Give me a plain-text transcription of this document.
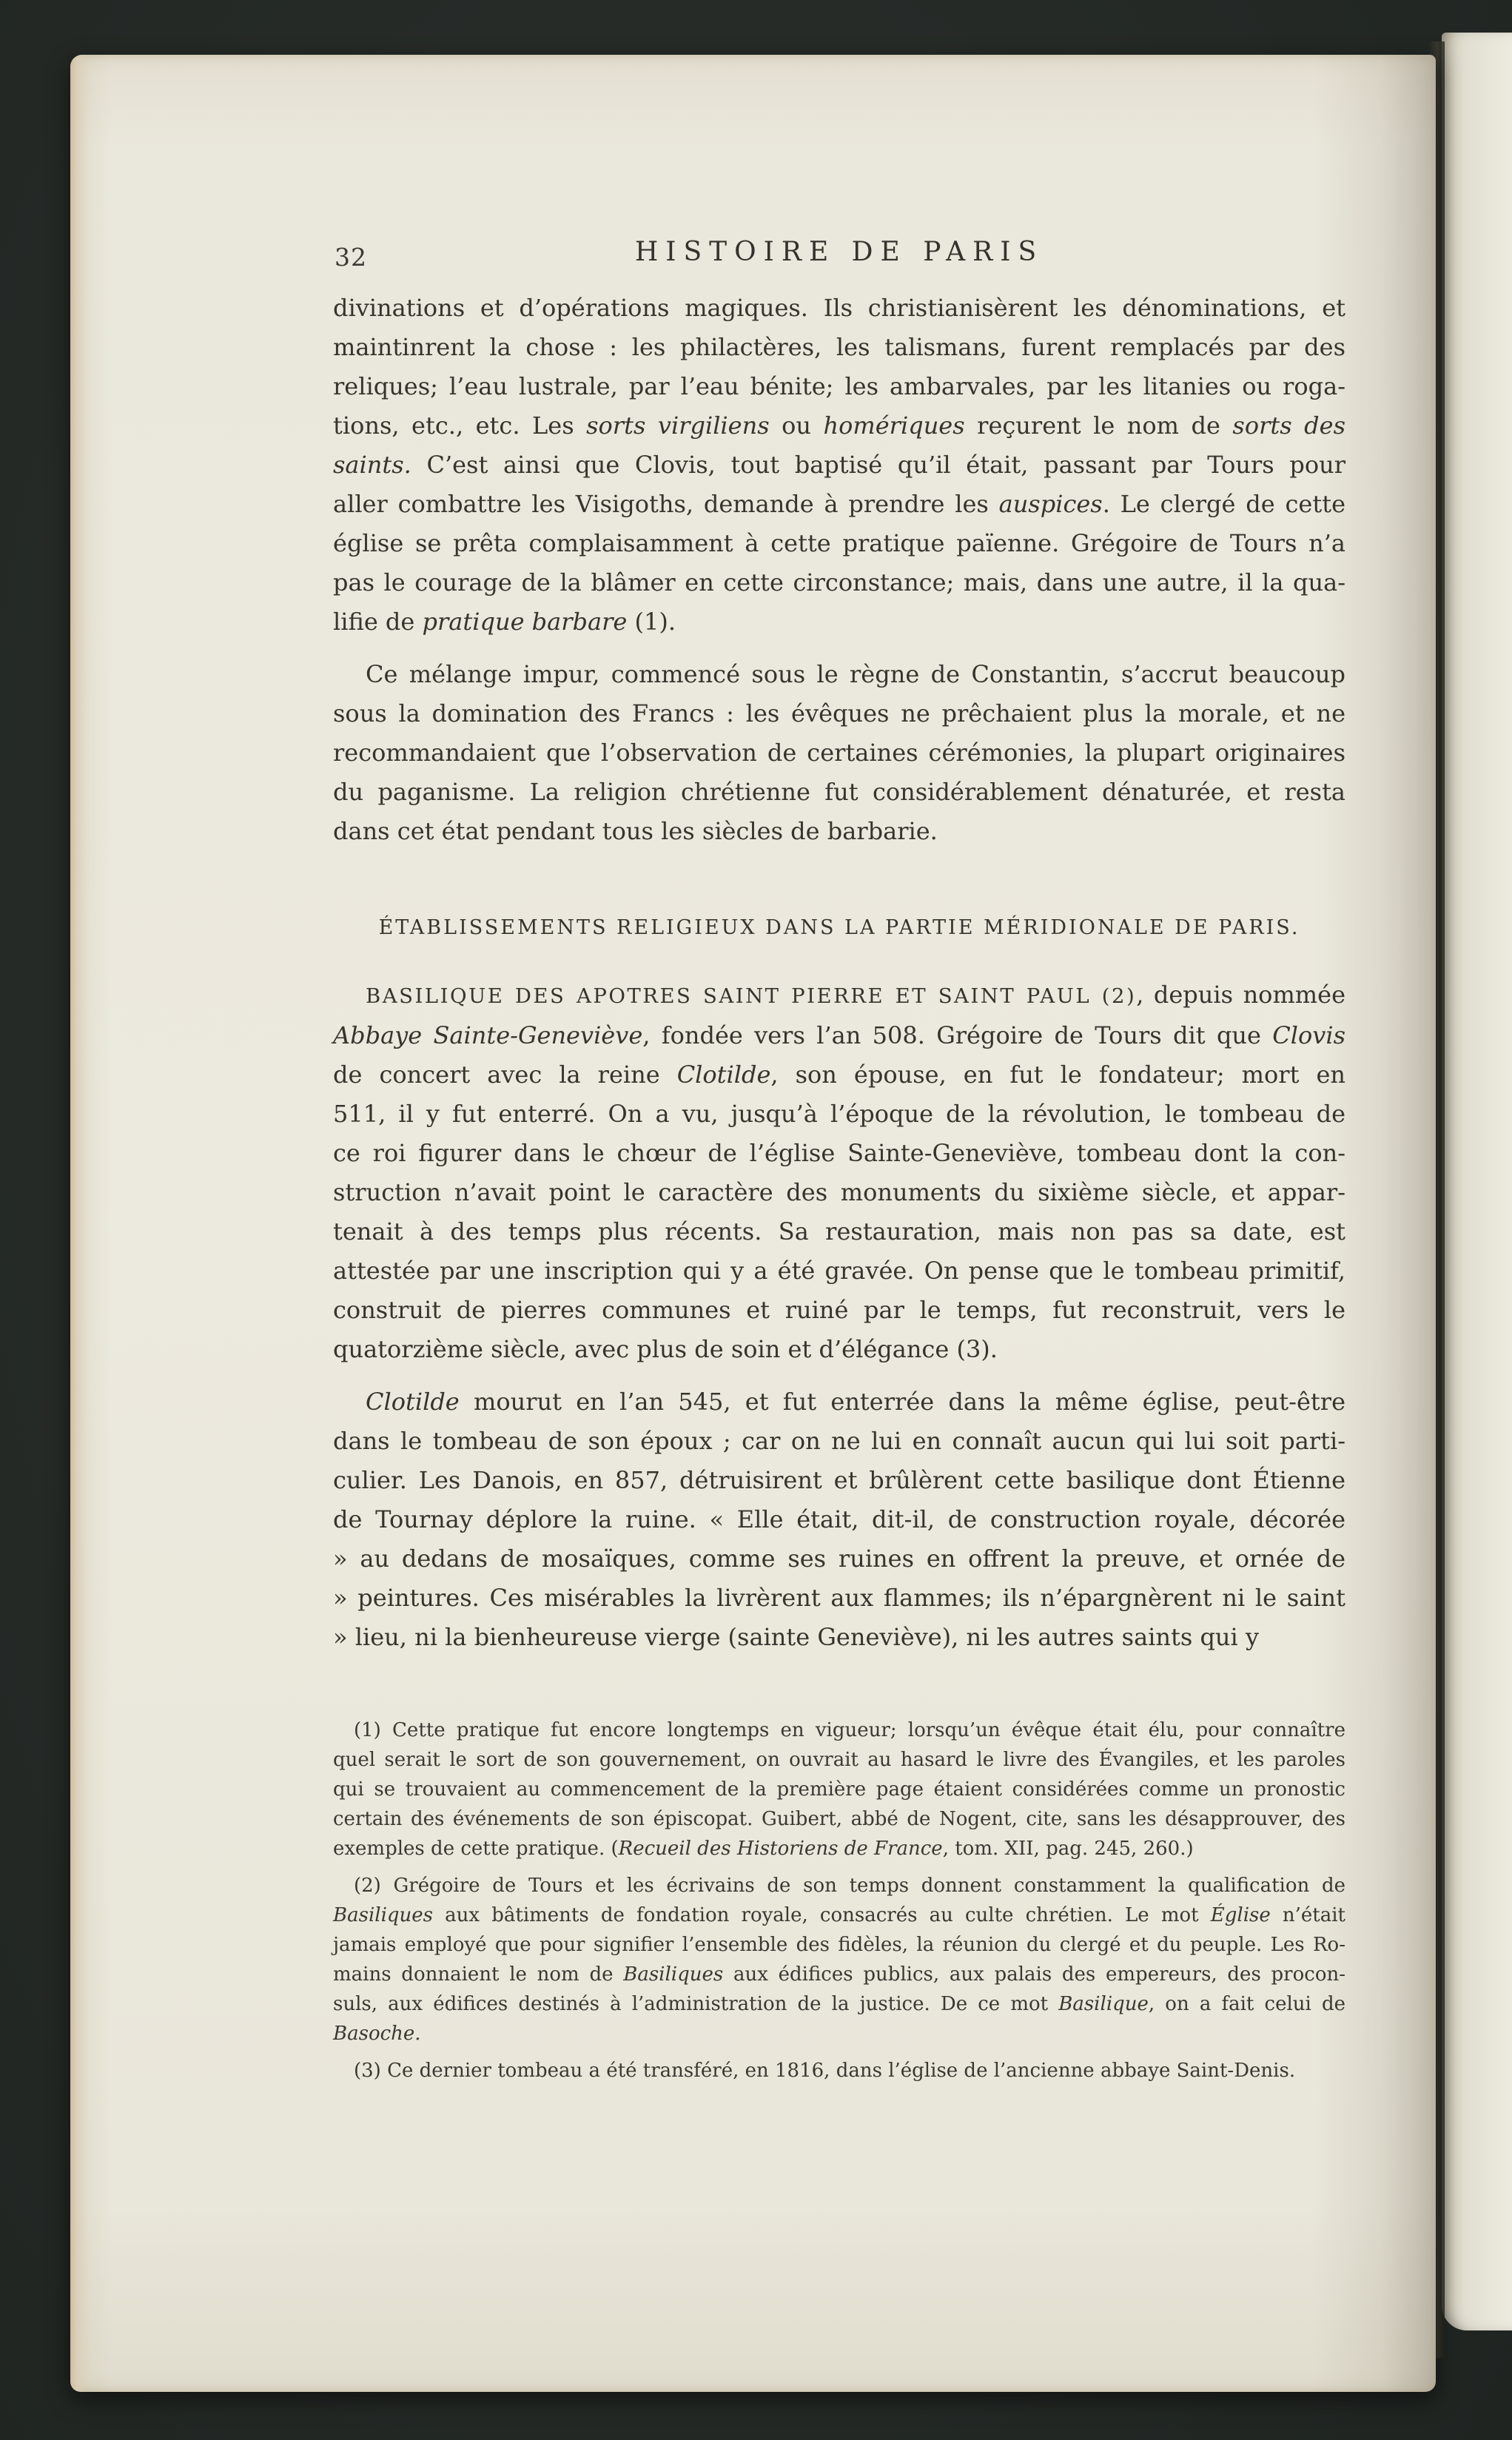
32	HISTOIRE DE PARIS
divinations et d’opérations magiques. Ils christianisèrent les dénominations, et
maintinrent la chose : les philactères, les talismans, furent remplacés par des
reliques; l’eau lustrale, par l’eau bénite; les ambarvales, par les litanies ou roga-
tions, etc., etc. Les sorts virgiliens ou homériques reçurent le nom de sorts des
saints. C’est ainsi que Clovis, tout baptisé qu’il était, passant par Tours pour
aller combattre les Visigoths, demande à prendre les auspices. Le clergé de cette
église se prêta complaisamment à cette pratique païenne. Grégoire de Tours n’a
pas le courage de la blâmer en cette circonstance; mais, dans une autre, il la qua-
lifie de pratique barbare (1).
Ce mélange impur, commencé sous le règne de Constantin, s’accrut beaucoup
sous la domination des Francs : les évêques ne prêchaient plus la morale, et ne
recommandaient que l’observation de certaines cérémonies, la plupart originaires
du paganisme. La religion chrétienne fut considérablement dénaturée, et resta
dans cet état pendant tous les siècles de barbarie.
ÉTABLISSEMENTS RELIGIEUX DANS LA PARTIE MÉRIDIONALE DE PARIS.
BASILIQUE DES APOTRES SAINT PIERRE ET SAINT PAUL (2), depuis nommée
Abbaye Sainte-Geneviève, fondée vers l’an 508. Grégoire de Tours dit que Clovis
de concert avec la reine Clotilde, son épouse, en fut le fondateur; mort en
511, il y fut enterré. On a vu, jusqu’à l’époque de la révolution, le tombeau de
ce roi figurer dans le chœur de l’église Sainte-Geneviève, tombeau dont la con-
struction n’avait point le caractère des monuments du sixième siècle, et appar-
tenait à des temps plus récents. Sa restauration, mais non pas sa date, est
attestée par une inscription qui y a été gravée. On pense que le tombeau primitif,
construit de pierres communes et ruiné par le temps, fut reconstruit, vers le
quatorzième siècle, avec plus de soin et d’élégance (3).
Clotilde mourut en l’an 545, et fut enterrée dans la même église, peut-être
dans le tombeau de son époux ; car on ne lui en connaît aucun qui lui soit parti-
culier. Les Danois, en 857, détruisirent et brûlèrent cette basilique dont Étienne
de Tournay déplore la ruine. « Elle était, dit-il, de construction royale, décorée
» au dedans de mosaïques, comme ses ruines en offrent la preuve, et ornée de
» peintures. Ces misérables la livrèrent aux flammes; ils n’épargnèrent ni le saint
» lieu, ni la bienheureuse vierge (sainte Geneviève), ni les autres saints qui y
(1) Cette pratique fut encore longtemps en vigueur; lorsqu’un évêque était élu, pour connaître
quel serait le sort de son gouvernement, on ouvrait au hasard le livre des Évangiles, et les paroles
qui se trouvaient au commencement de la première page étaient considérées comme un pronostic
certain des événements de son épiscopat. Guibert, abbé de Nogent, cite, sans les désapprouver, des
exemples de cette pratique. (Recueil des Historiens de France, tom. XII, pag. 245, 260.)
(2) Grégoire de Tours et les écrivains de son temps donnent constamment la qualification de
Basiliques aux bâtiments de fondation royale, consacrés au culte chrétien. Le mot Église n’était
jamais employé que pour signifier l’ensemble des fidèles, la réunion du clergé et du peuple. Les Ro-
mains donnaient le nom de Basiliques aux édifices publics, aux palais des empereurs, des procon-
suls, aux édifices destinés à l’administration de la justice. De ce mot Basilique, on a fait celui de
Basoche.
(3) Ce dernier tombeau a été transféré, en 1816, dans l’église de l’ancienne abbaye Saint-Denis.
